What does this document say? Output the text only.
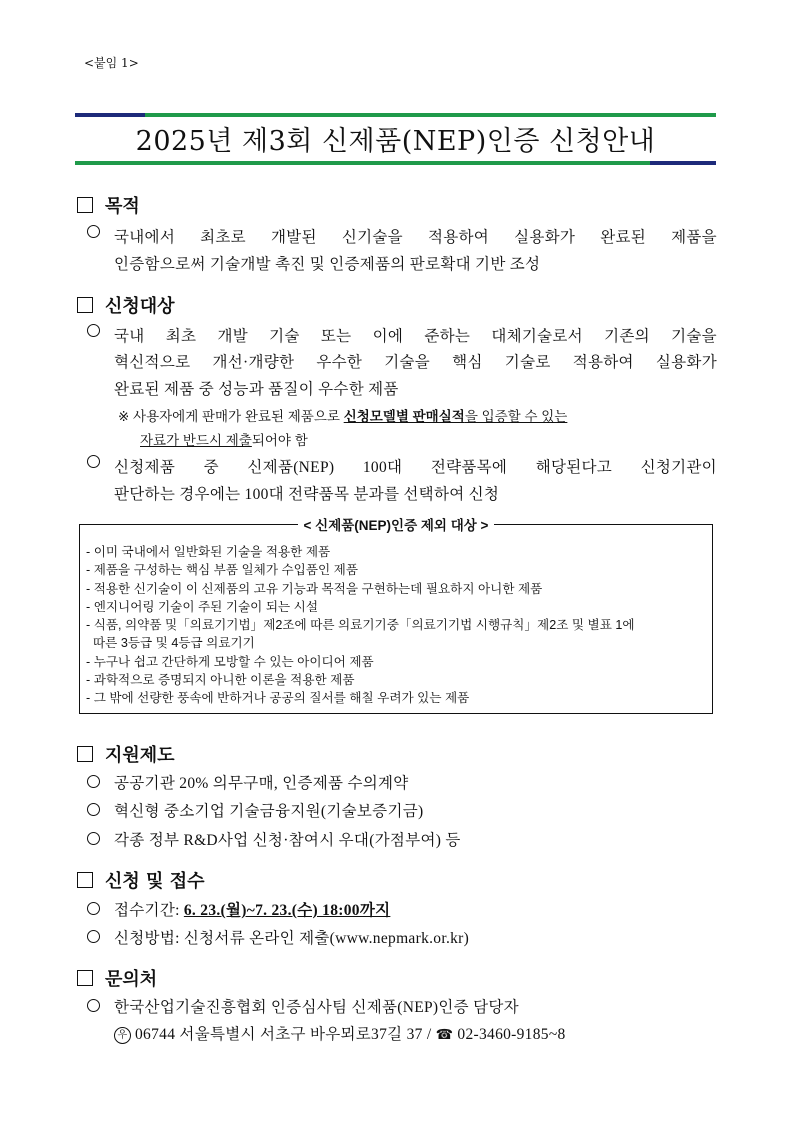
<붙임 1>
2025년 제3회 신제품(NEP)인증 신청안내
목적
국내에서 최초로 개발된 신기술을 적용하여 실용화가 완료된 제품을
인증함으로써 기술개발 촉진 및 인증제품의 판로확대 기반 조성
신청대상
국내 최초 개발 기술 또는 이에 준하는 대체기술로서 기존의 기술을
혁신적으로 개선·개량한 우수한 기술을 핵심 기술로 적용하여 실용화가
완료된 제품 중 성능과 품질이 우수한 제품
※ 사용자에게 판매가 완료된 제품으로 신청모델별 판매실적을 입증할 수 있는
자료가 반드시 제출되어야 함
신청제품 중 신제품(NEP) 100대 전략품목에 해당된다고 신청기관이
판단하는 경우에는 100대 전략품목 분과를 선택하여 신청
< 신제품(NEP)인증 제외 대상 >
- 이미 국내에서 일반화된 기술을 적용한 제품
- 제품을 구성하는 핵심 부품 일체가 수입품인 제품
- 적용한 신기술이 이 신제품의 고유 기능과 목적을 구현하는데 필요하지 아니한 제품
- 엔지니어링 기술이 주된 기술이 되는 시설
- 식품, 의약품 및「의료기기법」제2조에 따른 의료기기중「의료기기법 시행규칙」제2조 및 별표 1에
따른 3등급 및 4등급 의료기기
- 누구나 쉽고 간단하게 모방할 수 있는 아이디어 제품
- 과학적으로 증명되지 아니한 이론을 적용한 제품
- 그 밖에 선량한 풍속에 반하거나 공공의 질서를 해칠 우려가 있는 제품
지원제도
공공기관 20% 의무구매, 인증제품 수의계약
혁신형 중소기업 기술금융지원(기술보증기금)
각종 정부 R&D사업 신청·참여시 우대(가점부여) 등
신청 및 접수
접수기간: 6. 23.(월)~7. 23.(수) 18:00까지
신청방법: 신청서류 온라인 제출(www.nepmark.or.kr)
문의처
한국산업기술진흥협회 인증심사팀 신제품(NEP)인증 담당자
우 06744 서울특별시 서초구 바우뫼로37길 37 / ☎ 02-3460-9185~8
